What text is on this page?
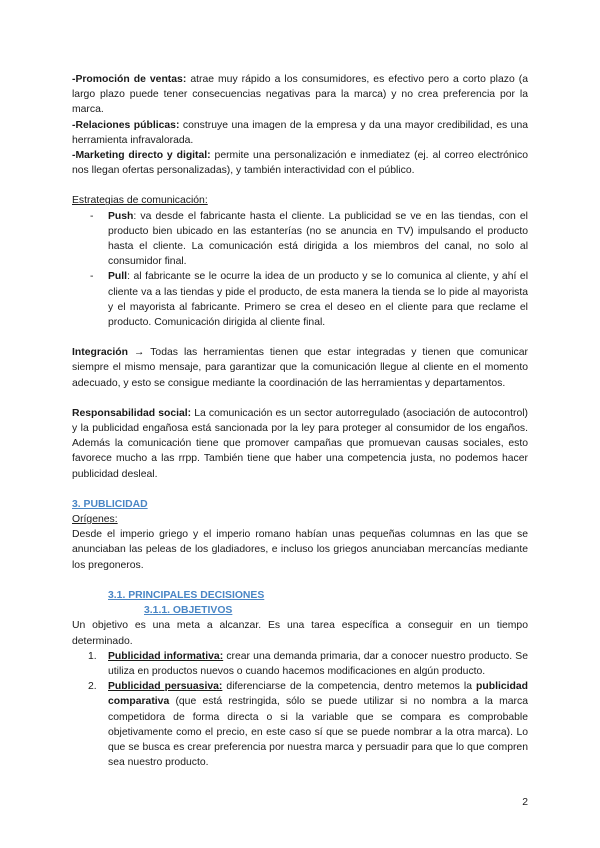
-Promoción de ventas: atrae muy rápido a los consumidores, es efectivo pero a corto plazo (a largo plazo puede tener consecuencias negativas para la marca) y no crea preferencia por la marca.

-Relaciones públicas: construye una imagen de la empresa y da una mayor credibilidad, es una herramienta infravalorada.

-Marketing directo y digital: permite una personalización e inmediatez (ej. al correo electrónico nos llegan ofertas personalizadas), y también interactividad con el público.

Estrategias de comunicación:

- Push: va desde el fabricante hasta el cliente. La publicidad se ve en las tiendas, con el producto bien ubicado en las estanterías (no se anuncia en TV) impulsando el producto hasta el cliente. La comunicación está dirigida a los miembros del canal, no solo al consumidor final.
- Pull: al fabricante se le ocurre la idea de un producto y se lo comunica al cliente, y ahí el cliente va a las tiendas y pide el producto, de esta manera la tienda se lo pide al mayorista y el mayorista al fabricante. Primero se crea el deseo en el cliente para que reclame el producto. Comunicación dirigida al cliente final.

Integración → Todas las herramientas tienen que estar integradas y tienen que comunicar siempre el mismo mensaje, para garantizar que la comunicación llegue al cliente en el momento adecuado, y esto se consigue mediante la coordinación de las herramientas y departamentos.

Responsabilidad social: La comunicación es un sector autorregulado (asociación de autocontrol) y la publicidad engañosa está sancionada por la ley para proteger al consumidor de los engaños. Además la comunicación tiene que promover campañas que promuevan causas sociales, esto favorece mucho a las rrpp. También tiene que haber una competencia justa, no podemos hacer publicidad desleal.

3. PUBLICIDAD

Orígenes:

Desde el imperio griego y el imperio romano habían unas pequeñas columnas en las que se anunciaban las peleas de los gladiadores, e incluso los griegos anunciaban mercancías mediante los pregoneros.

3.1. PRINCIPALES DECISIONES

3.1.1. OBJETIVOS

Un objetivo es una meta a alcanzar. Es una tarea específica a conseguir en un tiempo determinado.

1. Publicidad informativa: crear una demanda primaria, dar a conocer nuestro producto. Se utiliza en productos nuevos o cuando hacemos modificaciones en algún producto.
2. Publicidad persuasiva: diferenciarse de la competencia, dentro metemos la publicidad comparativa (que está restringida, sólo se puede utilizar si no nombra a la marca competidora de forma directa o si la variable que se compara es comprobable objetivamente como el precio, en este caso sí que se puede nombrar a la otra marca). Lo que se busca es crear preferencia por nuestra marca y persuadir para que lo que compren sea nuestro producto.
2
